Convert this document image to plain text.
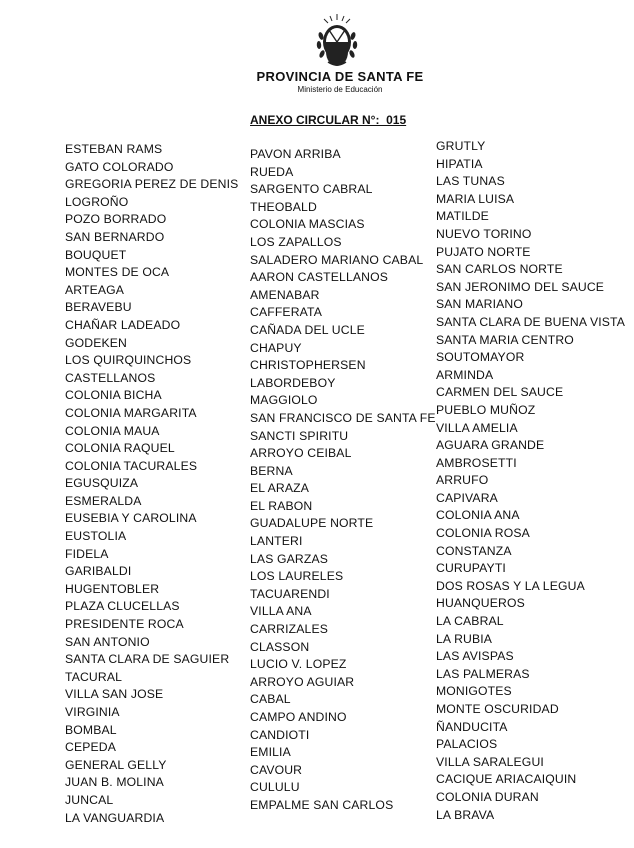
PROVINCIA DE SANTA FE
Ministerio de Educación
ANEXO CIRCULAR N°:  015
ESTEBAN RAMS
GATO COLORADO
GREGORIA PEREZ DE DENIS
LOGROÑO
POZO BORRADO
SAN BERNARDO
BOUQUET
MONTES DE OCA
ARTEAGA
BERAVEBU
CHAÑAR LADEADO
GODEKEN
LOS QUIRQUINCHOS
CASTELLANOS
COLONIA BICHA
COLONIA MARGARITA
COLONIA MAUA
COLONIA RAQUEL
COLONIA TACURALES
EGUSQUIZA
ESMERALDA
EUSEBIA Y CAROLINA
EUSTOLIA
FIDELA
GARIBALDI
HUGENTOBLER
PLAZA CLUCELLAS
PRESIDENTE ROCA
SAN ANTONIO
SANTA CLARA DE SAGUIER
TACURAL
VILLA SAN JOSE
VIRGINIA
BOMBAL
CEPEDA
GENERAL GELLY
JUAN B. MOLINA
JUNCAL
LA VANGUARDIA
PAVON ARRIBA
RUEDA
SARGENTO CABRAL
THEOBALD
COLONIA MASCIAS
LOS ZAPALLOS
SALADERO MARIANO CABAL
AARON CASTELLANOS
AMENABAR
CAFFERATA
CAÑADA DEL UCLE
CHAPUY
CHRISTOPHERSEN
LABORDEBOY
MAGGIOLO
SAN FRANCISCO DE SANTA FE
SANCTI SPIRITU
ARROYO CEIBAL
BERNA
EL ARAZA
EL RABON
GUADALUPE NORTE
LANTERI
LAS GARZAS
LOS LAURELES
TACUARENDI
VILLA ANA
CARRIZALES
CLASSON
LUCIO V. LOPEZ
ARROYO AGUIAR
CABAL
CAMPO ANDINO
CANDIOTI
EMILIA
CAVOUR
CULULU
EMPALME SAN CARLOS
GRUTLY
HIPATIA
LAS TUNAS
MARIA LUISA
MATILDE
NUEVO TORINO
PUJATO NORTE
SAN CARLOS NORTE
SAN JERONIMO DEL SAUCE
SAN MARIANO
SANTA CLARA DE BUENA VISTA
SANTA MARIA CENTRO
SOUTOMAYOR
ARMINDA
CARMEN DEL SAUCE
PUEBLO MUÑOZ
VILLA AMELIA
AGUARA GRANDE
AMBROSETTI
ARRUFO
CAPIVARA
COLONIA ANA
COLONIA ROSA
CONSTANZA
CURUPAYTI
DOS ROSAS Y LA LEGUA
HUANQUEROS
LA CABRAL
LA RUBIA
LAS AVISPAS
LAS PALMERAS
MONIGOTES
MONTE OSCURIDAD
ÑANDUCITA
PALACIOS
VILLA SARALEGUI
CACIQUE ARIACAIQUIN
COLONIA DURAN
LA BRAVA
